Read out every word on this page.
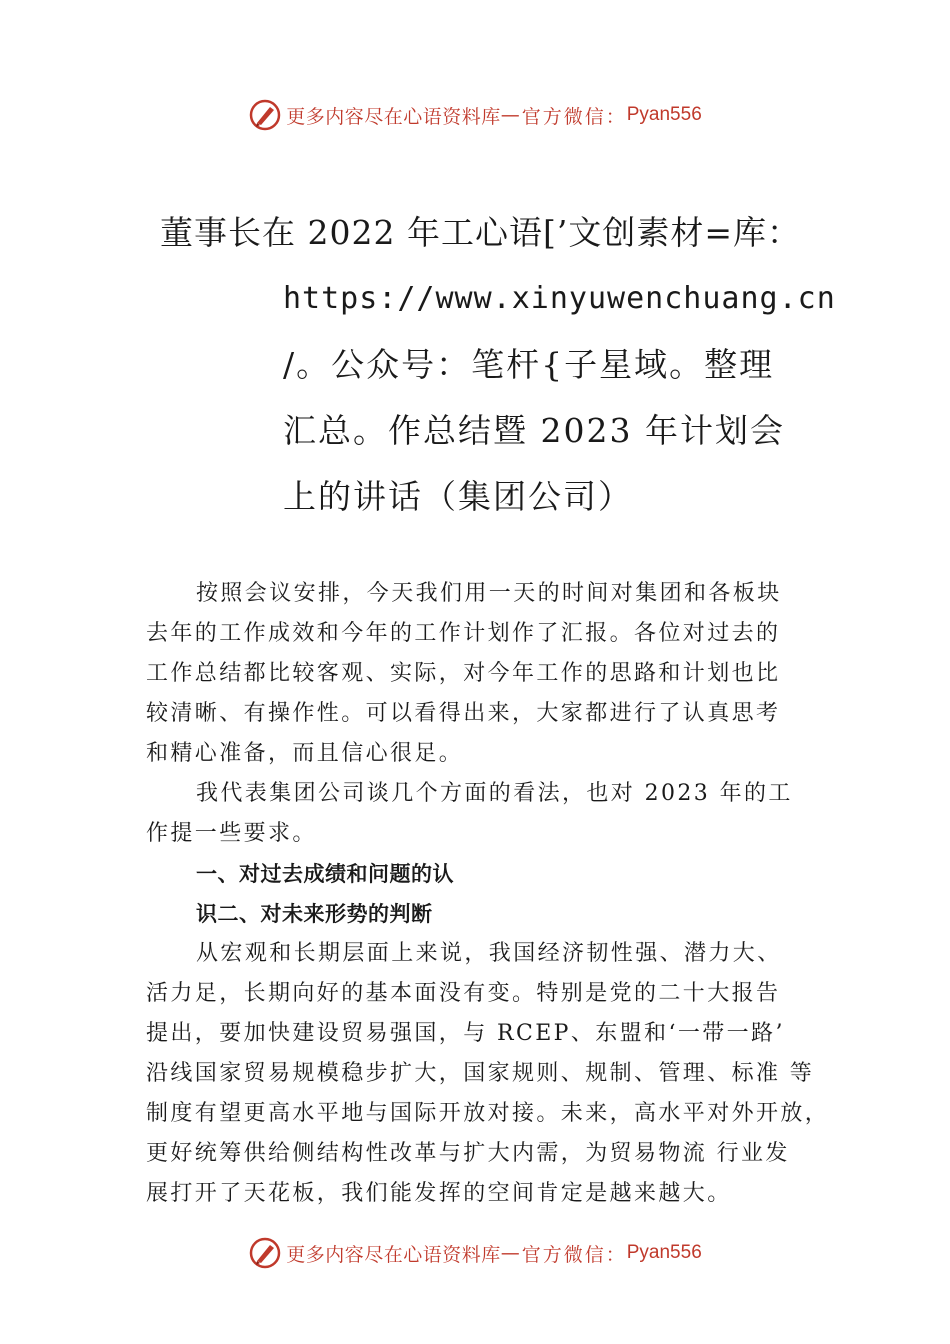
更多内容尽在心语资料库 — 官方微信： Pyan556
董事长在 2022 年工心语[’文创素材=库：
https://www.xinyuwenchuang.cn
/。公众号：笔杆{子星域。整理
汇总。作总结暨 2023 年计划会
上的讲话（集团公司）
按照会议安排，今天我们用一天的时间对集团和各板块
去年的工作成效和今年的工作计划作了汇报。各位对过去的
工作总结都比较客观、实际，对今年工作的思路和计划也比
较清晰、有操作性。可以看得出来，大家都进行了认真思考
和精心准备，而且信心很足。
我代表集团公司谈几个方面的看法，也对 2023 年的工
作提一些要求。
一、对过去成绩和问题的认
识二、对未来形势的判断
从宏观和长期层面上来说，我国经济韧性强、潜力大、
活力足，长期向好的基本面没有变。特别是党的二十大报告
提出，要加快建设贸易强国，与 RCEP、东盟和‘一带一路’
沿线国家贸易规模稳步扩大，国家规则、规制、管理、标准 等
制度有望更高水平地与国际开放对接。未来，高水平对外开放，
更好统筹供给侧结构性改革与扩大内需，为贸易物流 行业发
展打开了天花板，我们能发挥的空间肯定是越来越大。
更多内容尽在心语资料库 — 官方微信： Pyan556
